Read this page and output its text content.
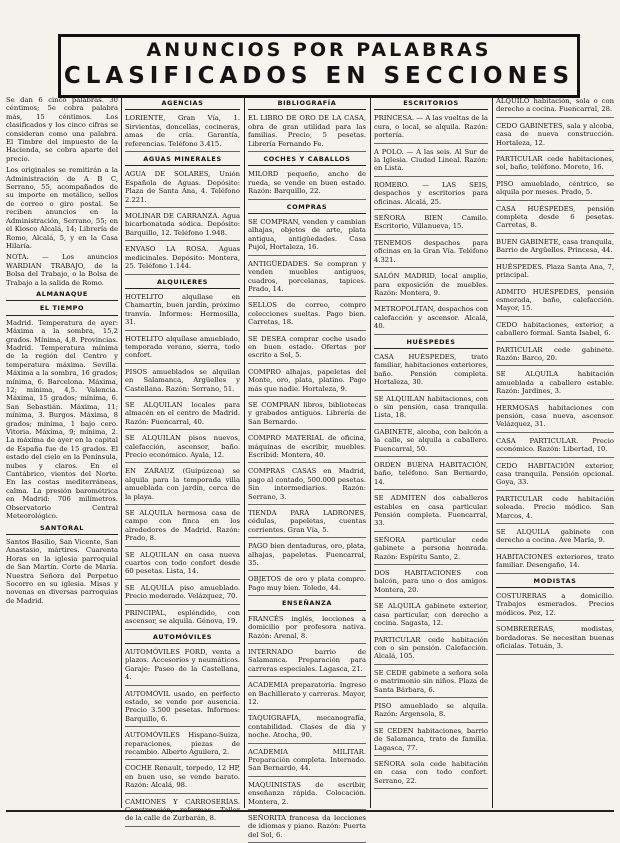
ANUNCIOS POR PALABRAS
CLASIFICADOS EN SECCIONES

Se dan 6 cinco palabras. 30 céntimos; 5e cobra palabra más, 15 céntimos. Los clasificados y los cinco cifras se consideran como una palabra. El Timbre del impuesto de la Hacienda, se cobra aparte del precio.

Los originales se remitirán a la Administración de A B C, Serrano, 55, acompañados de su importe en metálico, sellos de correo o giro postal. Se reciben anuncios en la Administración, Serrano, 55; en el Kiosco Alcalá, 14; Librería de Romo, Alcalá, 5, y en la Casa Hilaría.

NOTA. — Los anuncios WARDIAN TRABAJO, de la Bolsa del Trabajo, o la Bolsa de Trabajo a la salida de Romo.

ALMANAQUE
EL TIEMPO

Madrid. Temperatura de ayer: Máxima a la sombra, 15,2 grados. Mínima, 4,8. Provincias. Madrid. Temperatura mínima de la región del Centro y temperatura máxima. Sevilla. Máxima a la sombra, 16 grados; mínima, 6. Barcelona. Máxima, 12; mínima, 4,5. Valencia. Máxima, 15 grados; mínima, 6. San Sebastián. Máxima, 11; mínima, 3. Burgos. Máxima, 8 grados; mínima, 1 bajo cero. Vitoria. Máxima, 9; mínima, 2. La máxima de ayer en la capital de España fue de 15 grados. El estado del cielo en la Península, nubes y claros. En el Cantábrico, vientos del Norte. En las costas mediterráneas, calma. La presión barométrica en Madrid: 706 milímetros. Observatorio Central Meteorológico.

SANTORAL

Santos Basilio, San Vicente, San Anastasio, mártires. Cuarenta Horas en la iglesia parroquial de San Martín. Corte de María. Nuestra Señora del Perpetuo Socorro en su iglesia. Misas y novenas en diversas parroquias de Madrid.

AGENCIAS
LORIENTE, Gran Vía, 1. Sirvientas, doncellas, cocineras, amas de cría. Garantía, referencias. Teléfono 3.415.
AGUAS MINERALES
AGUA DE SOLARES, Unión Española de Aguas. Depósito: Plaza de Santa Ana, 4. Teléfono 2.221.
MOLINAR DE CARRANZA. Agua bicarbonatada sódica. Depósito: Barquillo, 12. Teléfono 1.948.
ENVASO LA ROSA. Aguas medicinales. Depósito: Montera, 25. Teléfono 1.144.
ALQUILERES
HOTELITO alquílase en Chamartín, buen jardín, próximo tranvía. Informes: Hermosilla, 31.
HOTELITO alquílase amueblado, temporada verano, sierra, todo confort.
PISOS amueblados se alquilan en Salamanca, Argüelles y Castellana. Razón: Serrano, 51.
SE ALQUILAN locales para almacén en el centro de Madrid. Razón: Fuencarral, 40.
SE ALQUILAN pisos nuevos, calefacción, ascensor, baño. Precio económico. Ayala, 12.
EN ZARAUZ (Guipúzcoa) se alquila para la temporada villa amueblada con jardín, cerca de la playa.
SE ALQUILA hermosa casa de campo con finca en los alrededores de Madrid. Razón: Prado, 8.
SE ALQUILAN en casa nueva cuartos con todo confort desde 60 pesetas. Lista, 14.
SE ALQUILA piso amueblado. Precio moderado. Velázquez, 70.
PRINCIPAL, espléndido, con ascensor, se alquila. Génova, 19.
AUTOMÓVILES
AUTOMÓVILES FORD, venta a plazos. Accesorios y neumáticos. Garaje: Paseo de la Castellana, 4.
AUTOMÓVIL usado, en perfecto estado, se vende por ausencia. Precio 3.500 pesetas. Informes: Barquillo, 6.
AUTOMÓVILES Hispano-Suiza, reparaciones, piezas de recambio. Alberto Aguilera, 2.
COCHE Renault, torpedo, 12 HP, en buen uso, se vende barato. Razón: Alcalá, 98.
CAMIONES Y CARROSERÍAS. de la calle de Zurbarán, 8.
BIBLIOGRAFÍA
EL LIBRO DE ORO DE LA CASA, obra de gran utilidad para las familias. Precio, 5 pesetas. Librería Fernando Fe.
COCHES Y CABALLOS
MILORD pequeño, ancho de rueda, se vende en buen estado. Razón: Barquillo, 22.
COMPRAS
SE COMPRAN, venden y cambian alhajas, objetos de arte, plata antigua, antigüedades. Casa Pujol, Hortaleza, 16.
ANTIGÜEDADES. Se compran y venden muebles antiguos, cuadros, porcelanas, tapices. Prado, 14.
SELLOS de correo, compro colecciones sueltas. Pago bien. Carretas, 18.
SE DESEA comprar coche usado en buen estado. Ofertas por escrito a Sol, 5.
COMPRO alhajas, papeletas del Monte, oro, plata, platino. Pago más que nadie. Hortaleza, 9.
SE COMPRAN libros, bibliotecas y grabados antiguos. Librería de San Bernardo.
COMPRO MATERIAL de oficina, máquinas de escribir, muebles. Escribid: Montera, 40.
COMPRAS CASAS en Madrid, pago al contado, 500.000 pesetas. Sin intermediarios. Razón: Serrano, 3.
TIENDA PARA LADRONES, cédulas, papeletas, cuentas corrientes. Gran Vía, 5.
PAGO bien dentaduras, oro, plata, alhajas, papeletas. Fuencarral, 35.
OBJETOS de oro y plata compro. Pago muy bien. Toledo, 44.
ENSEÑANZA
FRANCÉS inglés, lecciones a domicilio por profesora nativa. Razón: Arenal, 8.
INTERNADO barrio de Salamanca. Preparación para carreras especiales. Lagasca, 21.
ACADEMIA preparatoria. Ingreso en Bachillerato y carreras. Mayor, 12.
TAQUIGRAFÍA, mecanografía, contabilidad. Clases de día y noche. Atocha, 90.
ACADEMIA MILITAR. Preparación completa. Internado. San Bernardo, 44.
MAQUINISTAS de escribir, enseñanza rápida. Colocación. Montera, 2.
SEÑORITA francesa da lecciones de idiomas y piano. Razón: Puerta del Sol, 6.
ESCRITORIOS
PRINCESA. — A las vueltas de la cura, o local, se alquila. Razón: portería.
A POLO. — A las seis. Al Sur de la Iglesia. Ciudad Lineal. Razón: en Lista.
ROMERO. — LAS SEIS, despachos y escritorios para oficinas. Alcalá, 25.
SEÑORA BIEN Camilo. Escritorio, Villanueva, 15.
TENEMOS despachos para oficinas en la Gran Vía. Teléfono 4.321.
SALÓN MADRID, local amplio, para exposición de muebles. Razón: Montera, 9.
METROPOLITAN, despachos con calefacción y ascensor. Alcalá, 40.
HUÉSPEDES
CASA HUÉSPEDES, trato familiar, habitaciones exteriores, baño. Pensión completa. Hortaleza, 30.
SE ALQUILAN habitaciones, con o sin pensión, casa tranquila. Lista, 18.
GABINETE, alcoba, con balcón a la calle, se alquila a caballero. Fuencarral, 50.
ORDEN BUENA HABITACIÓN, baño, teléfono. San Bernardo, 14.
SE ADMITEN dos caballeros estables en casa particular. Pensión completa. Fuencarral, 33.
SEÑORA particular cede gabinete a persona honrada. Razón: Espíritu Santo, 2.
DOS HABITACIONES con balcón, para uno o dos amigos. Montera, 20.
SE ALQUILA gabinete exterior, casa particular, con derecho a cocina. Sagasta, 12.
PARTICULAR cede habitación con o sin pensión. Calefacción. Alcalá, 105.
SE CEDE gabinete a señora sola o matrimonio sin niños. Plaza de Santa Bárbara, 6.
PISO amueblado se alquila. Razón: Argensola, 8.
SE CEDEN habitaciones, barrio de Salamanca, trato de familia. Lagasca, 77.
SEÑORA sola cede habitación en casa con todo confort. Serrano, 22.
ALQUILO habitación, sola o con derecho a cocina. Fuencarral, 28.
CEDO GABINETES, sala y alcoba, casa de nueva construcción. Hortaleza, 12.
PARTICULAR cede habitaciones, sol, baño, teléfono. Moreto, 16.
PISO amueblado, céntrico, se alquila por meses. Prado, 5.
CASA HUÉSPEDES, pensión completa desde 6 pesetas. Carretas, 8.
BUEN GABINETE, casa tranquila, Barrio de Argüelles. Princesa, 44.
HUÉSPEDES. Plaza Santa Ana, 7, principal.
ADMITO HUÉSPEDES, pensión esmerada, baño, calefacción. Mayor, 15.
CEDO habitaciones, exterior, a caballero formal. Santa Isabel, 6.
PARTICULAR cede gabinete. Razón: Barco, 20.
SE ALQUILA habitación amueblada a caballero estable. Razón: Jardines, 3.
HERMOSAS habitaciones con pensión, casa nueva, ascensor. Velázquez, 31.
CASA PARTICULAR. Precio económico. Razón: Libertad, 10.
CEDO HABITACIÓN exterior, casa tranquila. Pensión opcional. Goya, 33.
PARTICULAR cede habitación soleada. Precio módico. San Marcos, 4.
SE ALQUILA gabinete con derecho a cocina. Ave María, 9.
HABITACIONES exteriores, trato familiar. Desengaño, 14.
MODISTAS
COSTURERAS a domicilio. Trabajos esmerados. Precios módicos. Pez, 12.
SOMBRERERAS, modistas, bordadoras. Se necesitan buenas oficialas. Tetuán, 3.
